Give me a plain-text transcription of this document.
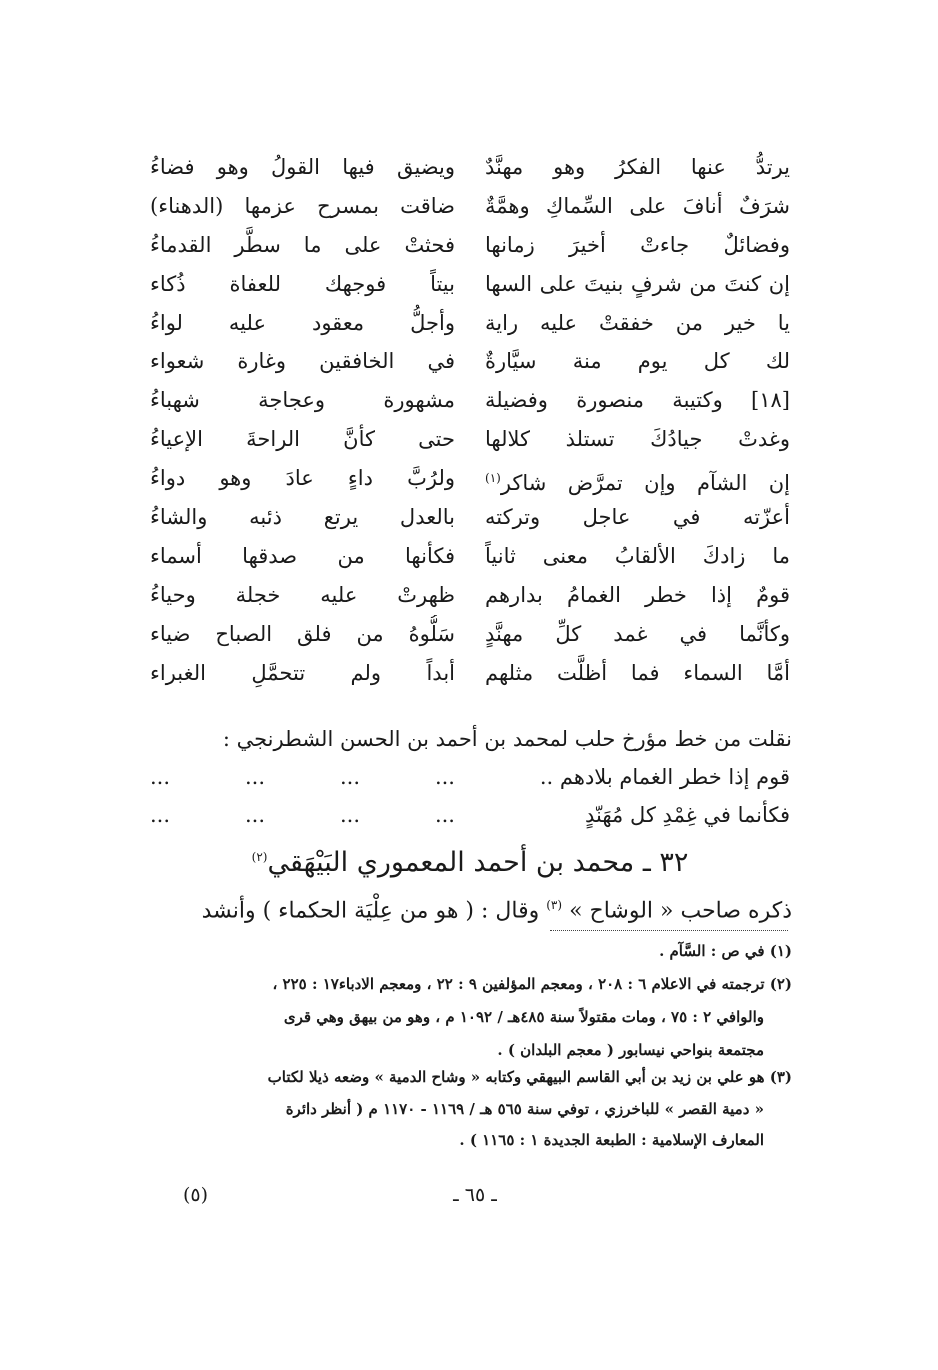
يرتدُّ عنها الفكرُ وهو مهنَّدٌ
ويضيق فيها القولُ وهو فضاءُ
شرَفٌ أنافَ على السِّماكِ وهمَّةٌ
ضاقت بمسرح عزمها (الدهناء)
وفضائلٌ جاءتْ أخيرَ زمانها
فحثتْ على ما سطَّر القدماءُ
إن كنتَ من شرفٍ بنيتَ على السها
بيتاً فوجهك للعفاة ذُكاء
يا خير من خفقتْ عليه راية
وأجلُّ معقود عليه لواءُ
لك كل يوم منة سيَّارةٌ
في الخافقين وغارة شعواء
[١٨] وكتيبة منصورة وفضيلة
مشهورة وعجاجة شهباءُ
وغدتْ جيادُكَ تستلذ كلالها
حتى كأنَّ الراحةَ الإعياءُ
إن الشآم وإن تمرَّض شاكر$^{(١)}$
ولرُبَّ داءٍ عادَ وهو دواءُ
أعزّته في عاجل وتركته
بالعدل يرتع ذئبه والشاءُ
ما زادكَ الألقابُ معنى ثانياً
فكأنها من صدقها أسماء
قومٌ إذا خطر الغمامُ بدارهم
ظهرتْ عليه خجلة وحياءُ
وكأنَّما في غمد كلِّ مهنَّدٍ
سَلُّوهُ من فلق الصباح ضياء
أمَّا السماء فما أظلَّت مثلهم
أبداً ولم تتحمَّلِ الغبراء
نقلت من خط مؤرخ حلب لمحمد بن أحمد بن الحسن الشطرنجي :
قوم إذا خطر الغمام بلادهم ..
...	...	...	...
فكأنما في غِمْدِ كل مُهَنّدٍ
...	...	...	...
٣٢ ـ محمد بن أحمد المعموري البَيْهَقي$^{(٢)}$
ذكره صاحب « الوشاح » $^{(٣)}$ وقال : ( هو من عِلْيَة الحكماء ) وأنشد
(١) في ص : السَّآم .
(٢) ترجمته في الاعلام ٦ : ٢٠٨ ، ومعجم المؤلفين ٩ : ٢٢ ، ومعجم الادباء١٧ : ٢٢٥ ،
والوافي ٢ : ٧٥ ، ومات مقتولاً سنة ٤٨٥هـ / ١٠٩٢ م ، وهو من بيهق وهي قرى
مجتمعة بنواحي نيسابور ( معجم البلدان ) .
(٣) هو علي بن زيد بن أبي القاسم البيهقي وكتابه « وشاح الدمية » وضعه ذيلا لكتاب
« دمية القصر » للباخرزي ، توفي سنة ٥٦٥ هـ / ١١٦٩ - ١١٧٠ م ( أنظر دائرة
المعارف الإسلامية : الطبعة الجديدة ١ : ١١٦٥ ) .
(٥)	ـ ٦٥ ـ
